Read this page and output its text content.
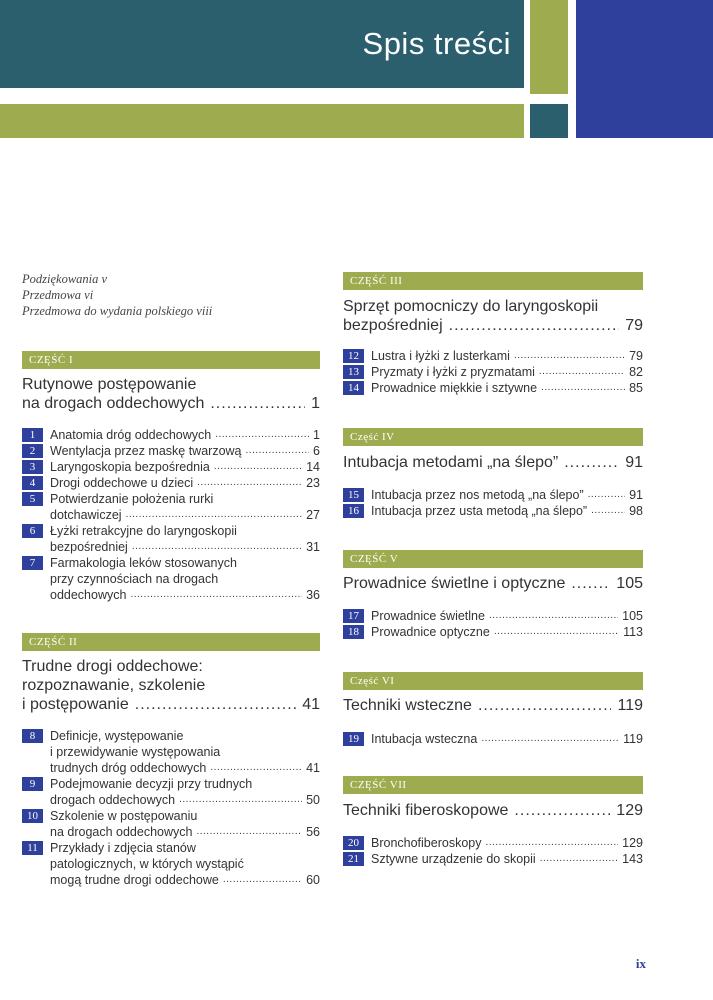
Spis treści
Podziękowania v
Przedmowa vi
Przedmowa do wydania polskiego viii
CZĘŚĆ I
Rutynowe postępowanie
na drogach oddechowych .....	1
CZĘŚĆ II
Trudne drogi oddechowe:
rozpoznawanie, szkolenie
i postępowanie .....	41
CZĘŚĆ III
Sprzęt pomocniczy do laryngoskopii
bezpośredniej .....	79
Część IV
Intubacja metodami „na ślepo” .....	91
CZĘŚĆ V
Prowadnice świetlne i optyczne .....	105
Część VI
Techniki wsteczne .....	119
CZĘŚĆ VII
Techniki fiberoskopowe .....	129
1	Anatomia dróg oddechowych .....	1
2	Wentylacja przez maskę twarzową .....	6
3	Laryngoskopia bezpośrednia .....	14
4	Drogi oddechowe u dzieci .....	23
5	Potwierdzanie położenia rurki
dotchawiczej .....	27
6	Łyżki retrakcyjne do laryngoskopii
bezpośredniej .....	31
7	Farmakologia leków stosowanych
przy czynnościach na drogach
oddechowych .....	36
8	Definicje, występowanie
i przewidywanie występowania
trudnych dróg oddechowych .....	41
9	Podejmowanie decyzji przy trudnych
drogach oddechowych .....	50
10 Szkolenie w postępowaniu
na drogach oddechowych .....	56
11 Przykłady i zdjęcia stanów
patologicznych, w których wystąpić
mogą trudne drogi oddechowe .....	60
12 Lustra i łyżki z lusterkami .....	79
13 Pryzmaty i łyżki z pryzmatami .....	82
14 Prowadnice miękkie i sztywne .....	85
15 Intubacja przez nos metodą „na ślepo” .....	91
16 Intubacja przez usta metodą „na ślepo” .....	98
17 Prowadnice świetlne .....	105
18 Prowadnice optyczne .....	113
19 Intubacja wsteczna .....	119
20 Bronchofiberoskopy .....	129
21 Sztywne urządzenie do skopii .....	143
ix
